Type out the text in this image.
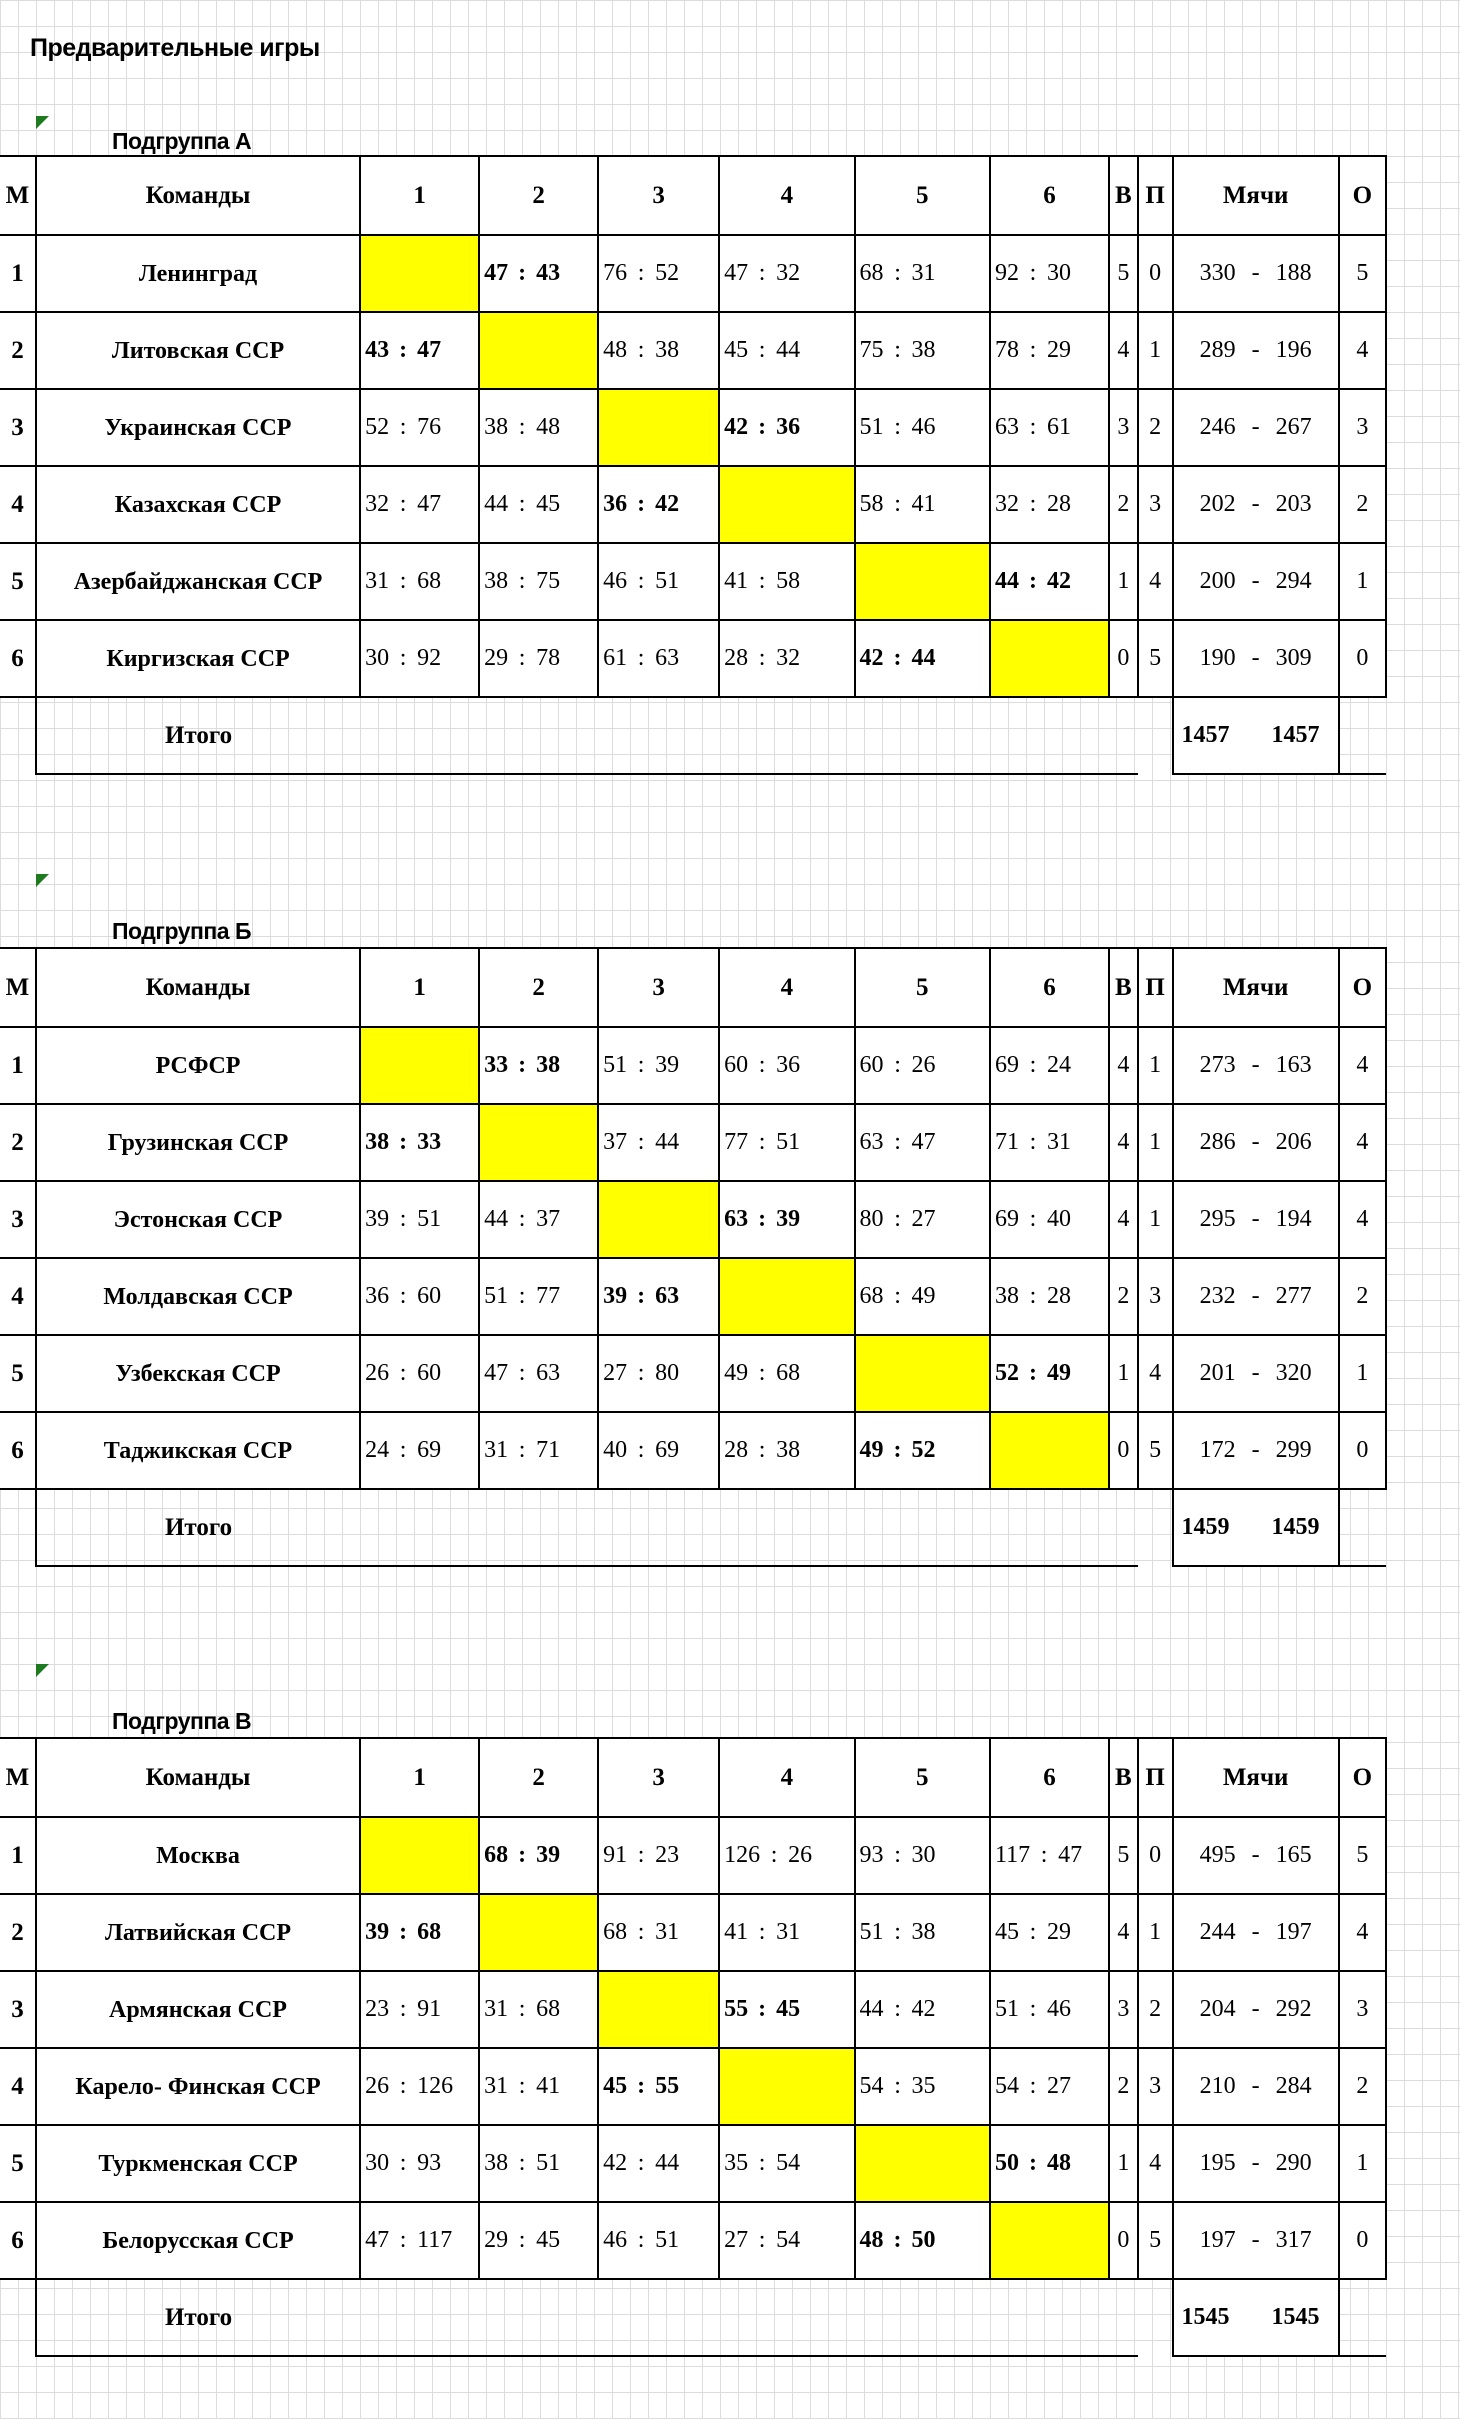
Предварительные игры
Подгруппа А
М	Команды	1	2	3	4	5	6	В	П	Мячи	О
1	Ленинград		47 : 43	76 : 52	47 : 32	68 : 31	92 : 30	5	0	330 - 188	5
2	Литовская ССР	43 : 47		48 : 38	45 : 44	75 : 38	78 : 29	4	1	289 - 196	4
3	Украинская ССР	52 : 76	38 : 48		42 : 36	51 : 46	63 : 61	3	2	246 - 267	3
4	Казахская ССР	32 : 47	44 : 45	36 : 42		58 : 41	32 : 28	2	3	202 - 203	2
5	Азербайджанская ССР	31 : 68	38 : 75	46 : 51	41 : 58		44 : 42	1	4	200 - 294	1
6	Киргизская ССР	30 : 92	29 : 78	61 : 63	28 : 32	42 : 44		0	5	190 - 309	0
	Итого									1457 1457	
Подгруппа Б
М	Команды	1	2	3	4	5	6	В	П	Мячи	О
1	РСФСР		33 : 38	51 : 39	60 : 36	60 : 26	69 : 24	4	1	273 - 163	4
2	Грузинская ССР	38 : 33		37 : 44	77 : 51	63 : 47	71 : 31	4	1	286 - 206	4
3	Эстонская ССР	39 : 51	44 : 37		63 : 39	80 : 27	69 : 40	4	1	295 - 194	4
4	Молдавская ССР	36 : 60	51 : 77	39 : 63		68 : 49	38 : 28	2	3	232 - 277	2
5	Узбекская ССР	26 : 60	47 : 63	27 : 80	49 : 68		52 : 49	1	4	201 - 320	1
6	Таджикская ССР	24 : 69	31 : 71	40 : 69	28 : 38	49 : 52		0	5	172 - 299	0
	Итого									1459 1459	
Подгруппа В
М	Команды	1	2	3	4	5	6	В	П	Мячи	О
1	Москва		68 : 39	91 : 23	126 : 26	93 : 30	117 : 47	5	0	495 - 165	5
2	Латвийская ССР	39 : 68		68 : 31	41 : 31	51 : 38	45 : 29	4	1	244 - 197	4
3	Армянская ССР	23 : 91	31 : 68		55 : 45	44 : 42	51 : 46	3	2	204 - 292	3
4	Карело- Финская ССР	26 : 126	31 : 41	45 : 55		54 : 35	54 : 27	2	3	210 - 284	2
5	Туркменская ССР	30 : 93	38 : 51	42 : 44	35 : 54		50 : 48	1	4	195 - 290	1
6	Белорусская ССР	47 : 117	29 : 45	46 : 51	27 : 54	48 : 50		0	5	197 - 317	0
	Итого									1545 1545	
